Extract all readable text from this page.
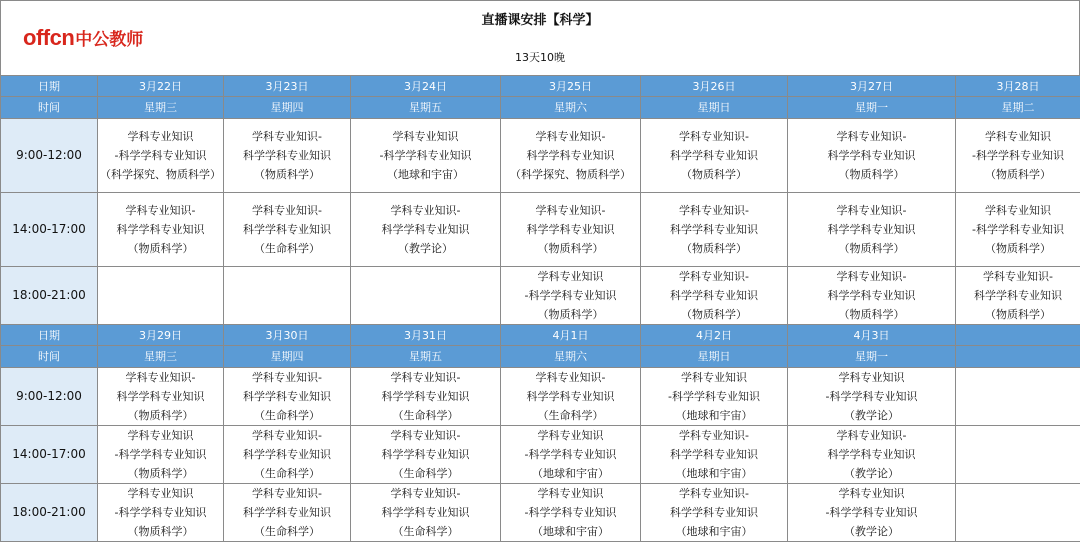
offcn中公教师
直播课安排【科学】
13天10晚
日期	3月22日	3月23日	3月24日	3月25日	3月26日	3月27日	3月28日
时间	星期三	星期四	星期五	星期六	星期日	星期一	星期二
9:00-12:00	学科专业知识
-科学学科专业知识
（科学探究、物质科学）	学科专业知识-
科学学科专业知识
（物质科学）	学科专业知识
-科学学科专业知识
（地球和宇宙）	学科专业知识-
科学学科专业知识
（科学探究、物质科学）	学科专业知识-
科学学科专业知识
（物质科学）	学科专业知识-
科学学科专业知识
（物质科学）	学科专业知识
-科学学科专业知识
（物质科学）

14:00-17:00	学科专业知识-
科学学科专业知识
（物质科学）	学科专业知识-
科学学科专业知识
（生命科学）	学科专业知识-
科学学科专业知识
（教学论）	学科专业知识-
科学学科专业知识
（物质科学）	学科专业知识-
科学学科专业知识
（物质科学）	学科专业知识-
科学学科专业知识
（物质科学）	学科专业知识
-科学学科专业知识
（物质科学）

18:00-21:00				学科专业知识
-科学学科专业知识
（物质科学）	学科专业知识-
科学学科专业知识
（物质科学）	学科专业知识-
科学学科专业知识
（物质科学）	学科专业知识-
科学学科专业知识
（物质科学）

日期	3月29日	3月30日	3月31日	4月1日	4月2日	4月3日	
时间	星期三	星期四	星期五	星期六	星期日	星期一	
9:00-12:00	学科专业知识-
科学学科专业知识
（物质科学）	学科专业知识-
科学学科专业知识
（生命科学）	学科专业知识-
科学学科专业知识
（生命科学）	学科专业知识-
科学学科专业知识
（生命科学）	学科专业知识
-科学学科专业知识
（地球和宇宙）	学科专业知识
-科学学科专业知识
（教学论）	

14:00-17:00	学科专业知识
-科学学科专业知识
（物质科学）	学科专业知识-
科学学科专业知识
（生命科学）	学科专业知识-
科学学科专业知识
（生命科学）	学科专业知识
-科学学科专业知识
（地球和宇宙）	学科专业知识-
科学学科专业知识
（地球和宇宙）	学科专业知识-
科学学科专业知识
（教学论）	

18:00-21:00	学科专业知识
-科学学科专业知识
（物质科学）	学科专业知识-
科学学科专业知识
（生命科学）	学科专业知识-
科学学科专业知识
（生命科学）	学科专业知识
-科学学科专业知识
（地球和宇宙）	学科专业知识-
科学学科专业知识
（地球和宇宙）	学科专业知识
-科学学科专业知识
（教学论）	
